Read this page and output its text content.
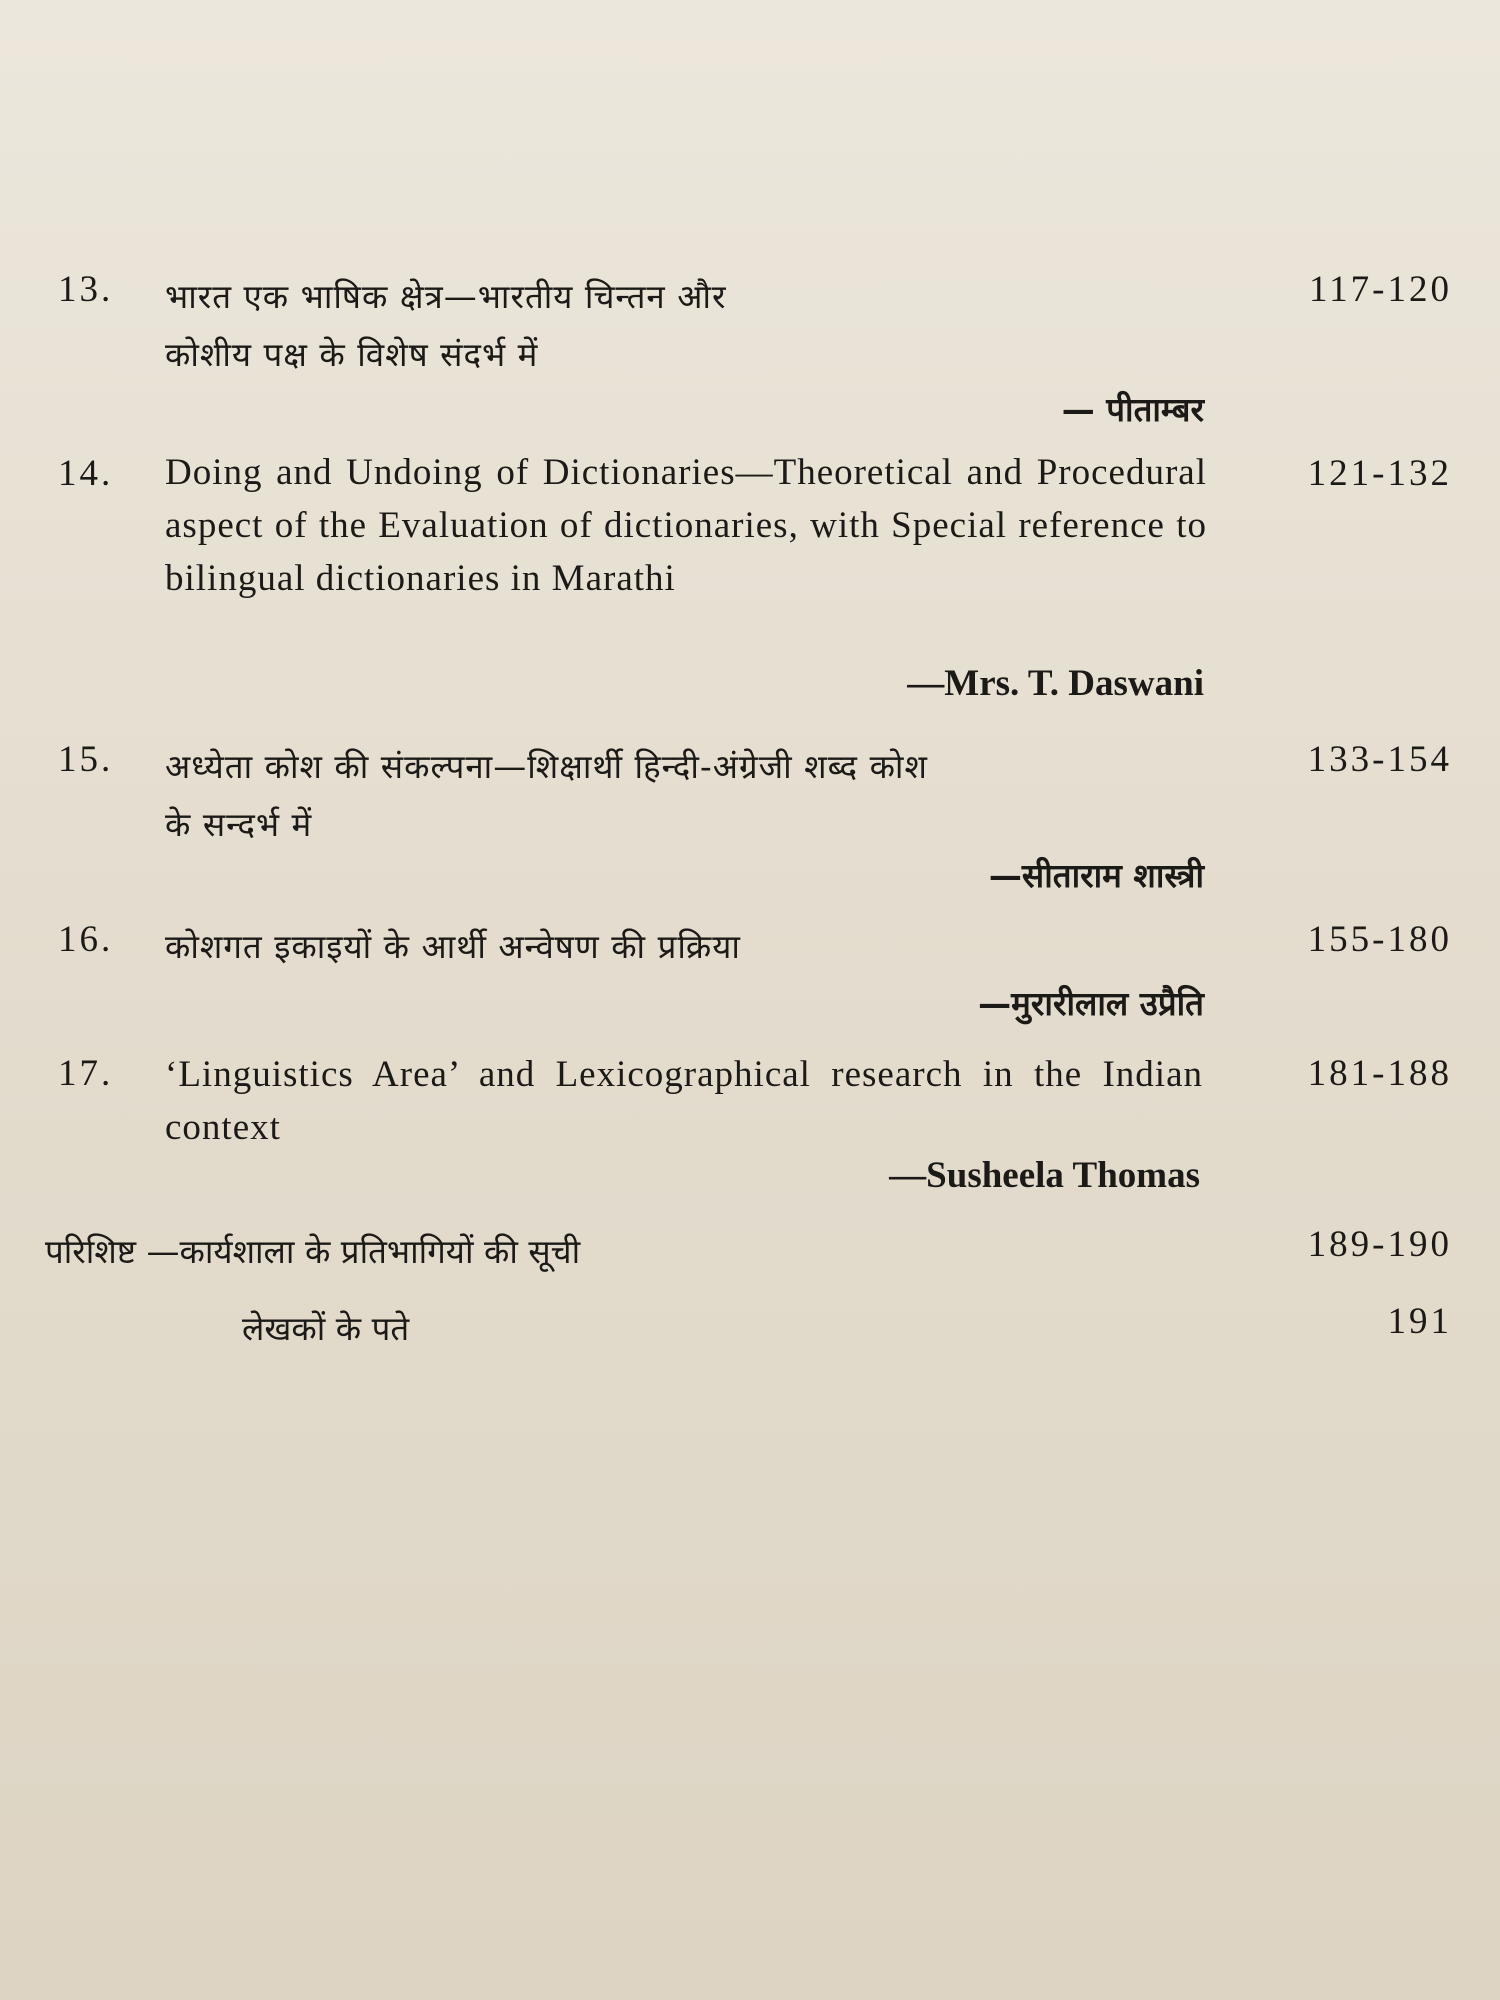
13. भारत एक भाषिक क्षेत्र—भारतीय चिन्तन और
कोशीय पक्ष के विशेष संदर्भ में
117-120
— पीताम्बर
14. Doing and Undoing of Dictionaries—Theoretical and Procedural aspect of the Evaluation of dictionaries, with Special reference to bilingual dictionaries in Marathi
121-132
—Mrs. T. Daswani
15. अध्येता कोश की संकल्पना—शिक्षार्थी हिन्दी-अंग्रेजी शब्द कोश
के सन्दर्भ में
133-154
—सीताराम शास्त्री
16. कोशगत इकाइयों के आर्थी अन्वेषण की प्रक्रिया	155-180
—मुरारीलाल उप्रैति
17. ‘Linguistics Area’ and Lexicographical research in the Indian context
181-188
—Susheela Thomas
परिशिष्ट —कार्यशाला के प्रतिभागियों की सूची	189-190
लेखकों के पते	191
